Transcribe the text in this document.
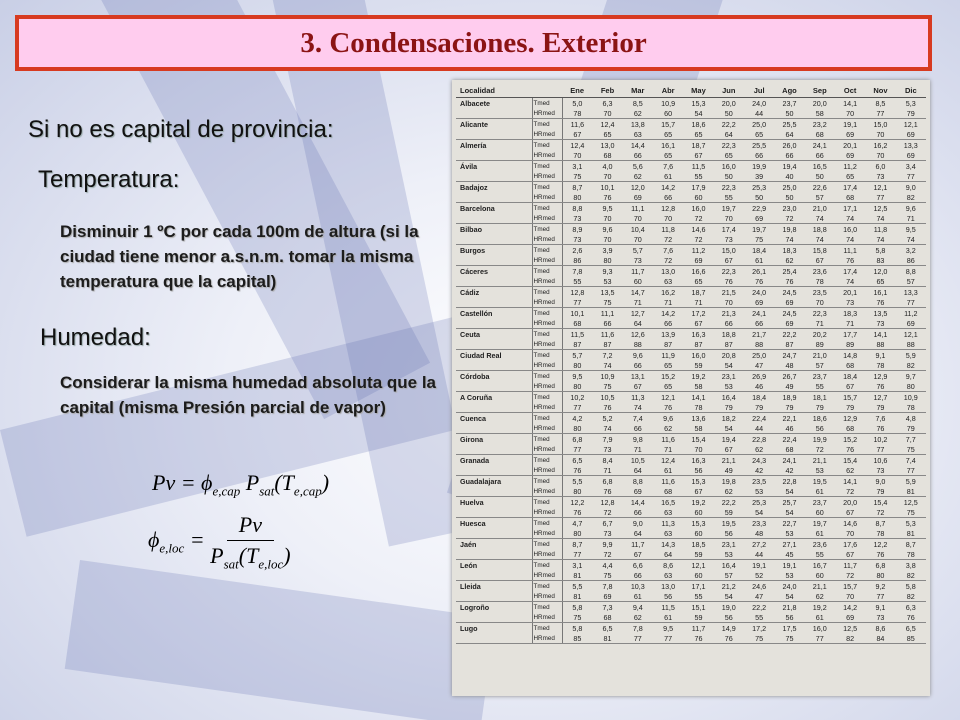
3. Condensaciones. Exterior
Si no es capital de provincia:
Temperatura:
Disminuir 1 ºC por cada 100m de altura (si la ciudad tiene menor a.s.n.m. tomar la misma temperatura que la capital)
Humedad:
Considerar la misma humedad absoluta que la capital (misma Presión parcial de vapor)
$Pv = \phi_{e,cap}$ $P_{sat}(T_{e,cap})$
$\phi_{e,loc} = \frac{Pv}{P_{sat}(T_{e,loc})}$
Localidad		Ene	Feb	Mar	Abr	May	Jun	Jul	Ago	Sep	Oct	Nov	Dic
Albacete	Tmed	5,0	6,3	8,5	10,9	15,3	20,0	24,0	23,7	20,0	14,1	8,5	5,3
	HRmed	78	70	62	60	54	50	44	50	58	70	77	79
Alicante	Tmed	11,6	12,4	13,8	15,7	18,6	22,2	25,0	25,5	23,2	19,1	15,0	12,1
	HRmed	67	65	63	65	65	64	65	64	68	69	70	69
Almería	Tmed	12,4	13,0	14,4	16,1	18,7	22,3	25,5	26,0	24,1	20,1	16,2	13,3
	HRmed	70	68	66	65	67	65	66	66	66	69	70	69
Ávila	Tmed	3,1	4,0	5,6	7,6	11,5	16,0	19,9	19,4	16,5	11,2	6,0	3,4
	HRmed	75	70	62	61	55	50	39	40	50	65	73	77
Badajoz	Tmed	8,7	10,1	12,0	14,2	17,9	22,3	25,3	25,0	22,6	17,4	12,1	9,0
	HRmed	80	76	69	66	60	55	50	50	57	68	77	82
Barcelona	Tmed	8,8	9,5	11,1	12,8	16,0	19,7	22,9	23,0	21,0	17,1	12,5	9,6
	HRmed	73	70	70	70	72	70	69	72	74	74	74	71
Bilbao	Tmed	8,9	9,6	10,4	11,8	14,6	17,4	19,7	19,8	18,8	16,0	11,8	9,5
	HRmed	73	70	70	72	72	73	75	74	74	74	74	74
Burgos	Tmed	2,6	3,9	5,7	7,6	11,2	15,0	18,4	18,3	15,8	11,1	5,8	3,2
	HRmed	86	80	73	72	69	67	61	62	67	76	83	86
Cáceres	Tmed	7,8	9,3	11,7	13,0	16,6	22,3	26,1	25,4	23,6	17,4	12,0	8,8
	HRmed	55	53	60	63	65	76	76	76	78	74	65	57
Cádiz	Tmed	12,8	13,5	14,7	16,2	18,7	21,5	24,0	24,5	23,5	20,1	16,1	13,3
	HRmed	77	75	71	71	71	70	69	69	70	73	76	77
Castellón	Tmed	10,1	11,1	12,7	14,2	17,2	21,3	24,1	24,5	22,3	18,3	13,5	11,2
	HRmed	68	66	64	66	67	66	66	69	71	71	73	69
Ceuta	Tmed	11,5	11,6	12,6	13,9	16,3	18,8	21,7	22,2	20,2	17,7	14,1	12,1
	HRmed	87	87	88	87	87	87	88	87	89	89	88	88
Ciudad Real	Tmed	5,7	7,2	9,6	11,9	16,0	20,8	25,0	24,7	21,0	14,8	9,1	5,9
	HRmed	80	74	66	65	59	54	47	48	57	68	78	82
Córdoba	Tmed	9,5	10,9	13,1	15,2	19,2	23,1	26,9	26,7	23,7	18,4	12,9	9,7
	HRmed	80	75	67	65	58	53	46	49	55	67	76	80
A Coruña	Tmed	10,2	10,5	11,3	12,1	14,1	16,4	18,4	18,9	18,1	15,7	12,7	10,9
	HRmed	77	76	74	76	78	79	79	79	79	79	79	78
Cuenca	Tmed	4,2	5,2	7,4	9,6	13,6	18,2	22,4	22,1	18,6	12,9	7,6	4,8
	HRmed	80	74	66	62	58	54	44	46	56	68	76	79
Girona	Tmed	6,8	7,9	9,8	11,6	15,4	19,4	22,8	22,4	19,9	15,2	10,2	7,7
	HRmed	77	73	71	71	70	67	62	68	72	76	77	75
Granada	Tmed	6,5	8,4	10,5	12,4	16,3	21,1	24,3	24,1	21,1	15,4	10,6	7,4
	HRmed	76	71	64	61	56	49	42	42	53	62	73	77
Guadalajara	Tmed	5,5	6,8	8,8	11,6	15,3	19,8	23,5	22,8	19,5	14,1	9,0	5,9
	HRmed	80	76	69	68	67	62	53	54	61	72	79	81
Huelva	Tmed	12,2	12,8	14,4	16,5	19,2	22,2	25,3	25,7	23,7	20,0	15,4	12,5
	HRmed	76	72	66	63	60	59	54	54	60	67	72	75
Huesca	Tmed	4,7	6,7	9,0	11,3	15,3	19,5	23,3	22,7	19,7	14,6	8,7	5,3
	HRmed	80	73	64	63	60	56	48	53	61	70	78	81
Jaén	Tmed	8,7	9,9	11,7	14,3	18,5	23,1	27,2	27,1	23,6	17,6	12,2	8,7
	HRmed	77	72	67	64	59	53	44	45	55	67	76	78
León	Tmed	3,1	4,4	6,6	8,6	12,1	16,4	19,1	19,1	16,7	11,7	6,8	3,8
	HRmed	81	75	66	63	60	57	52	53	60	72	80	82
Lleida	Tmed	5,5	7,8	10,3	13,0	17,1	21,2	24,6	24,0	21,1	15,7	9,2	5,8
	HRmed	81	69	61	56	55	54	47	54	62	70	77	82
Logroño	Tmed	5,8	7,3	9,4	11,5	15,1	19,0	22,2	21,8	19,2	14,2	9,1	6,3
	HRmed	75	68	62	61	59	56	55	56	61	69	73	76
Lugo	Tmed	5,8	6,5	7,8	9,5	11,7	14,9	17,2	17,5	16,0	12,5	8,6	6,5
	HRmed	85	81	77	77	76	76	75	75	77	82	84	85
